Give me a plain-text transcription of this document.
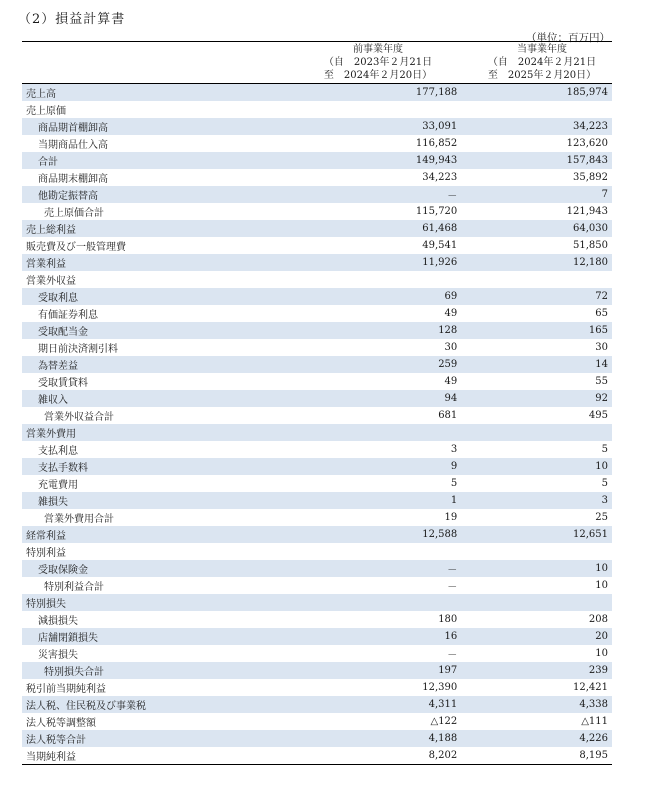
（2）損益計算書
（単位：百万円）
前事業年度
（自　2023年２月21日
至　2024年２月20日）
当事業年度
（自　2024年２月21日
至　2025年２月20日）
売上高	177,188		185,974
売上原価			
商品期首棚卸高	33,091		34,223
当期商品仕入高	116,852		123,620
合計	149,943		157,843
商品期末棚卸高	34,223		35,892
他勘定振替高	－		7
売上原価合計	115,720		121,943
売上総利益	61,468		64,030
販売費及び一般管理費	49,541		51,850
営業利益	11,926		12,180
営業外収益			
受取利息	69		72
有価証券利息	49		65
受取配当金	128		165
期日前決済割引料	30		30
為替差益	259		14
受取賃貸料	49		55
雑収入	94		92
営業外収益合計	681		495
営業外費用			
支払利息	3		5
支払手数料	9		10
充電費用	5		5
雑損失	1		3
営業外費用合計	19		25
経常利益	12,588		12,651
特別利益			
受取保険金	－		10
特別利益合計	－		10
特別損失			
減損損失	180		208
店舗閉鎖損失	16		20
災害損失	－		10
特別損失合計	197		239
税引前当期純利益	12,390		12,421
法人税、住民税及び事業税	4,311		4,338
法人税等調整額	△122		△111
法人税等合計	4,188		4,226
当期純利益	8,202		8,195
